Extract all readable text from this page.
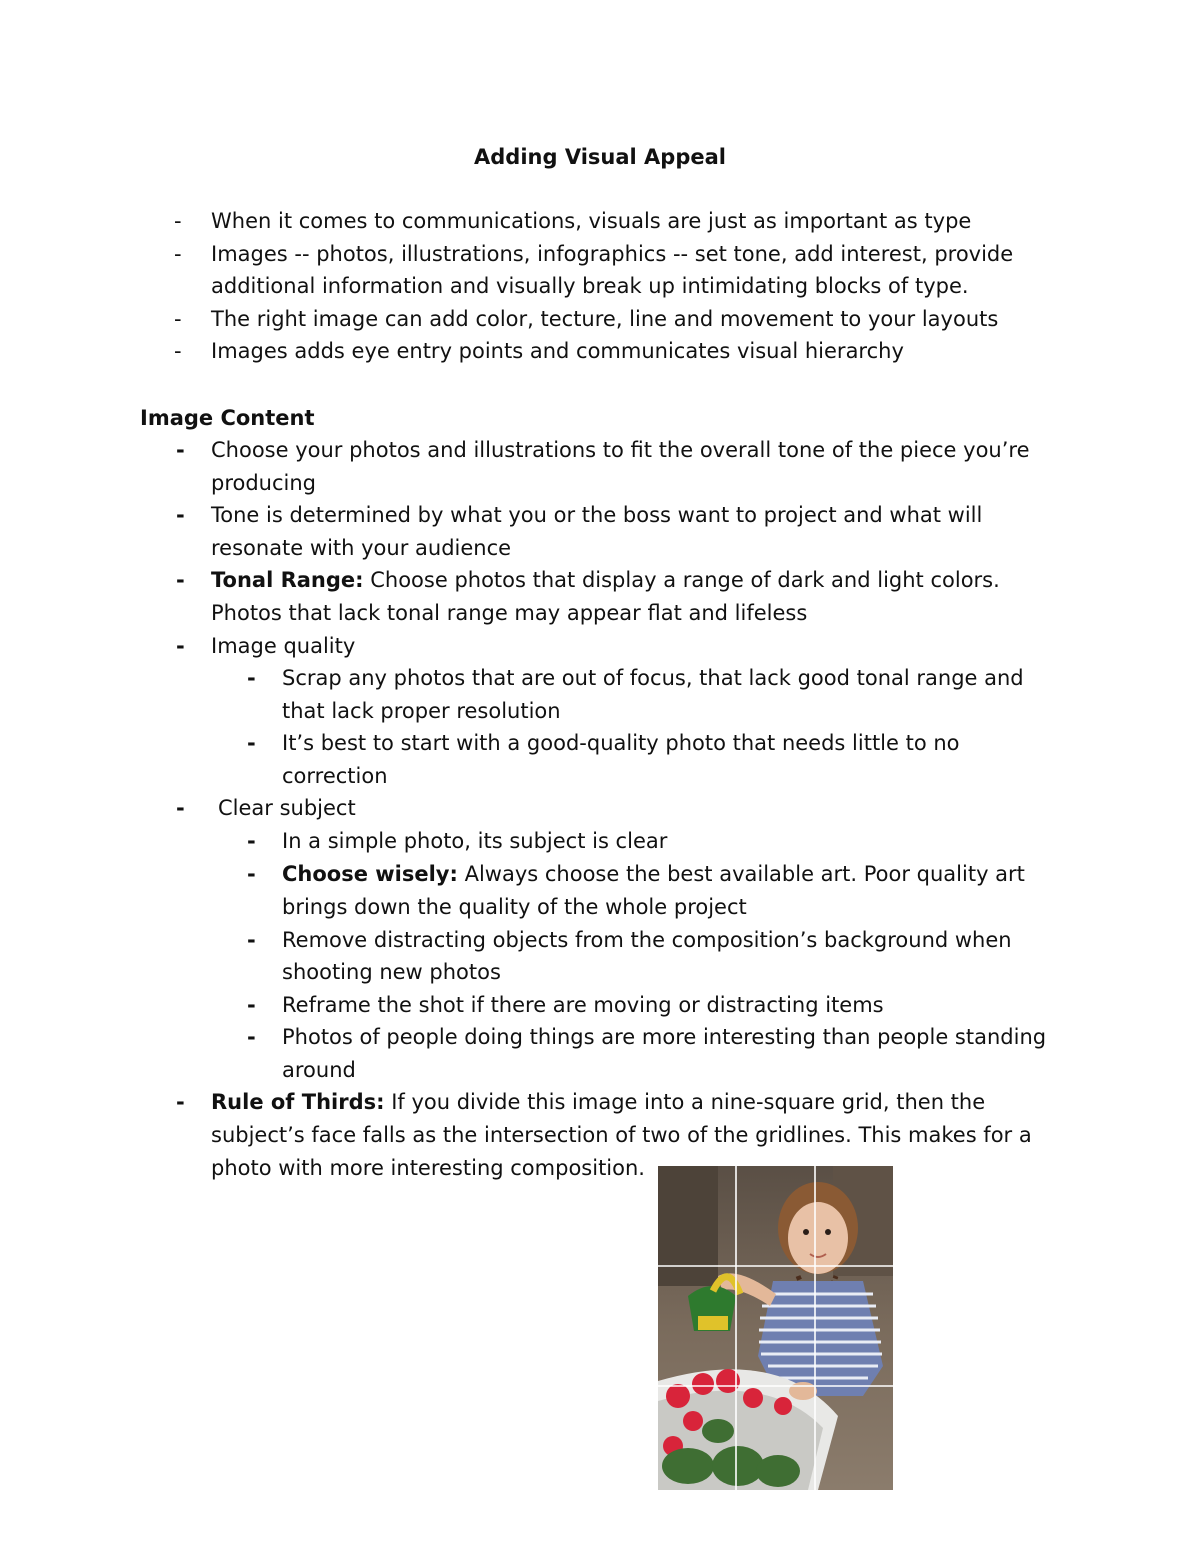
Adding Visual Appeal
- When it comes to communications, visuals are just as important as type
- Images -- photos, illustrations, infographics -- set tone, add interest, provide
additional information and visually break up intimidating blocks of type.
- The right image can add color, tecture, line and movement to your layouts
- Images adds eye entry points and communicates visual hierarchy
Image Content
- Choose your photos and illustrations to fit the overall tone of the piece you’re
producing
- Tone is determined by what you or the boss want to project and what will
resonate with your audience
- Tonal Range: Choose photos that display a range of dark and light colors.
Photos that lack tonal range may appear flat and lifeless
- Image quality
- Scrap any photos that are out of focus, that lack good tonal range and
that lack proper resolution
- It’s best to start with a good-quality photo that needs little to no
correction
- Clear subject
- In a simple photo, its subject is clear
- Choose wisely: Always choose the best available art. Poor quality art
brings down the quality of the whole project
- Remove distracting objects from the composition’s background when
shooting new photos
- Reframe the shot if there are moving or distracting items
- Photos of people doing things are more interesting than people standing
around
- Rule of Thirds: If you divide this image into a nine-square grid, then the
subject’s face falls as the intersection of two of the gridlines. This makes for a
photo with more interesting composition.
